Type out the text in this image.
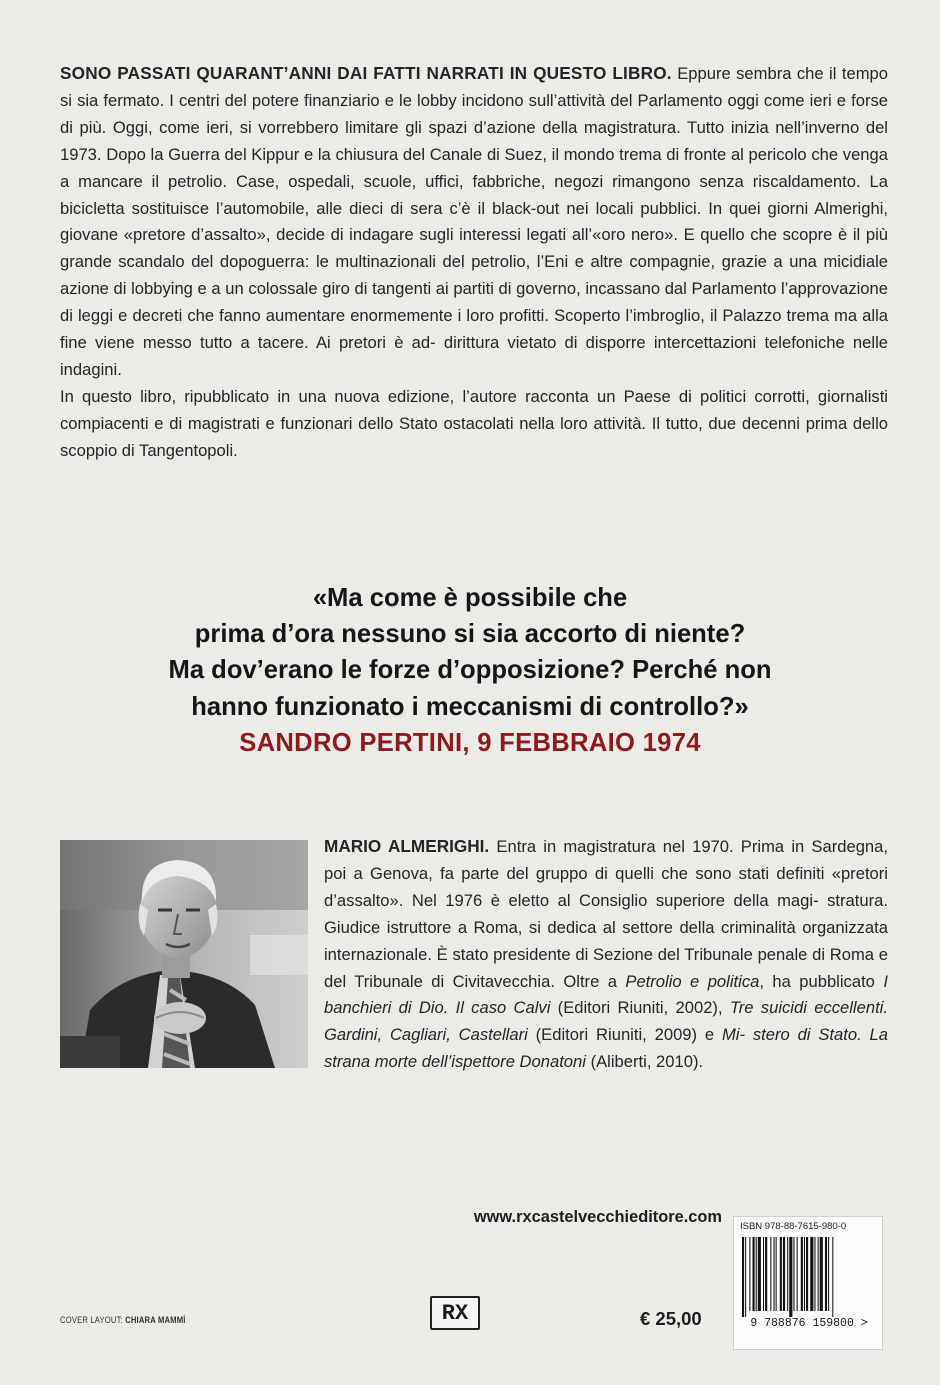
SONO PASSATI QUARANT’ANNI DAI FATTI NARRATI IN QUESTO LIBRO. Eppure sembra che il tempo si sia fermato. I centri del potere finanziario e le lobby incidono sull’attività del Parlamento oggi come ieri e forse di più. Oggi, come ieri, si vorrebbero limitare gli spazi d’azione della magistratura. Tutto inizia nell’inverno del 1973. Dopo la Guerra del Kippur e la chiusura del Canale di Suez, il mondo trema di fronte al pericolo che venga a mancare il petrolio. Case, ospedali, scuole, uffici, fabbriche, negozi rimangono senza riscaldamento. La bicicletta sostituisce l’automobile, alle dieci di sera c’è il black-out nei locali pubblici. In quei giorni Almerighi, giovane «pretore d’assalto», decide di indagare sugli interessi legati all’«oro nero». E quello che scopre è il più grande scandalo del dopoguerra: le multinazionali del petrolio, l’Eni e altre compagnie, grazie a una micidiale azione di lobbying e a un colossale giro di tangenti ai partiti di governo, incassano dal Parlamento l’approvazione di leggi e decreti che fanno aumentare enormemente i loro profitti. Scoperto l’imbroglio, il Palazzo trema ma alla fine viene messo tutto a tacere. Ai pretori è ad- dirittura vietato di disporre intercettazioni telefoniche nelle indagini.

In questo libro, ripubblicato in una nuova edizione, l’autore racconta un Paese di politici corrotti, giornalisti compiacenti e di magistrati e funzionari dello Stato ostacolati nella loro attività. Il tutto, due decenni prima dello scoppio di Tangentopoli.

«Ma come è possibile che
prima d’ora nessuno si sia accorto di niente?
Ma dov’erano le forze d’opposizione? Perché non
hanno funzionato i meccanismi di controllo?»
SANDRO PERTINI, 9 FEBBRAIO 1974

MARIO ALMERIGHI. Entra in magistratura nel 1970. Prima in Sardegna, poi a Genova, fa parte del gruppo di quelli che sono stati definiti «pretori d’assalto». Nel 1976 è eletto al Consiglio superiore della magi- stratura. Giudice istruttore a Roma, si dedica al settore della criminalità organizzata internazionale. È stato presidente di Sezione del Tribunale penale di Roma e del Tribunale di Civitavecchia. Oltre a Petrolio e politica, ha pubblicato I banchieri di Dio. Il caso Calvi (Editori Riuniti, 2002), Tre suicidi eccellenti. Gardini, Cagliari, Castellari (Editori Riuniti, 2009) e Mi- stero di Stato. La strana morte dell’ispettore Donatoni (Aliberti, 2010).

www.rxcastelvecchieditore.com
COVER LAYOUT: CHIARA MAMMÌ	RX	€ 25,00
ISBN 978-88-7615-980-0
9 788876 159800 >
